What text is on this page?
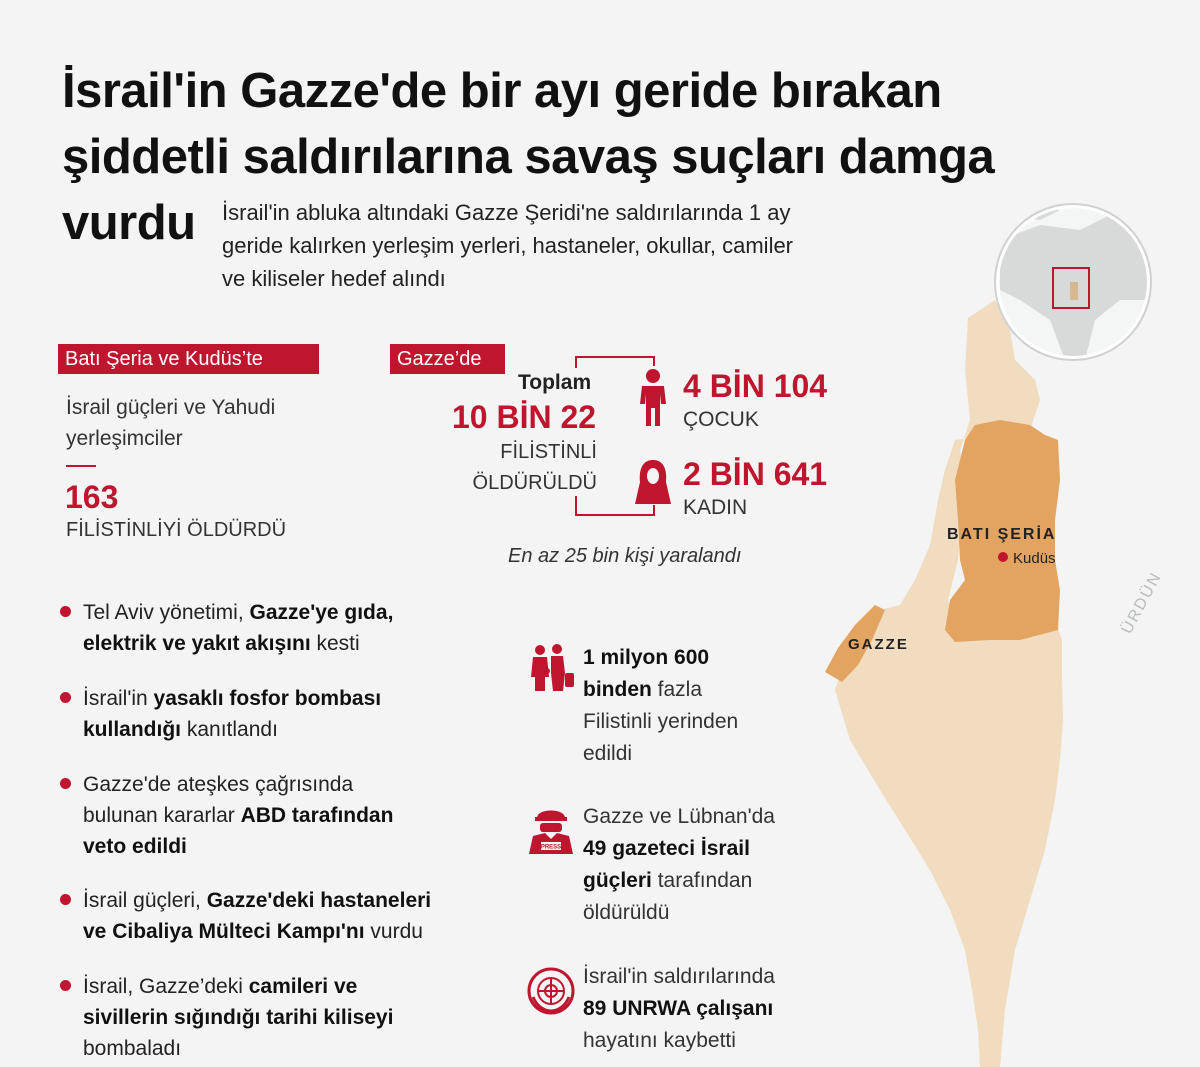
BATI ŞERİA
Kudüs
GAZZE
ÜRDÜN
İsrail'in Gazze'de bir ayı geride bırakan
şiddetli saldırılarına savaş suçları damga
vurdu	İsrail'in abluka altındaki Gazze Şeridi'ne saldırılarında 1 ay
geride kalırken yerleşim yerleri, hastaneler, okullar, camiler
ve kiliseler hedef alındı
Batı Şeria ve Kudüs’te
İsrail güçleri ve Yahudi
yerleşimciler
163
FİLİSTİNLİYİ ÖLDÜRDÜ
Gazze’de
Toplam
10 BİN 22
FİLİSTİNLİ
ÖLDÜRÜLDÜ
4 BİN 104
ÇOCUK
2 BİN 641
KADIN
En az 25 bin kişi yaralandı
Tel Aviv yönetimi, Gazze'ye gıda,
elektrik ve yakıt akışını kesti
İsrail'in yasaklı fosfor bombası
kullandığı kanıtlandı
Gazze'de ateşkes çağrısında
bulunan kararlar ABD tarafından
veto edildi
İsrail güçleri, Gazze'deki hastaneleri
ve Cibaliya Mülteci Kampı'nı vurdu
İsrail, Gazze’deki camileri ve
sivillerin sığındığı tarihi kiliseyi
bombaladı
1 milyon 600
binden fazla
Filistinli yerinden
edildi
PRESS
Gazze ve Lübnan'da
49 gazeteci İsrail
güçleri tarafından
öldürüldü
İsrail'in saldırılarında
89 UNRWA çalışanı
hayatını kaybetti
